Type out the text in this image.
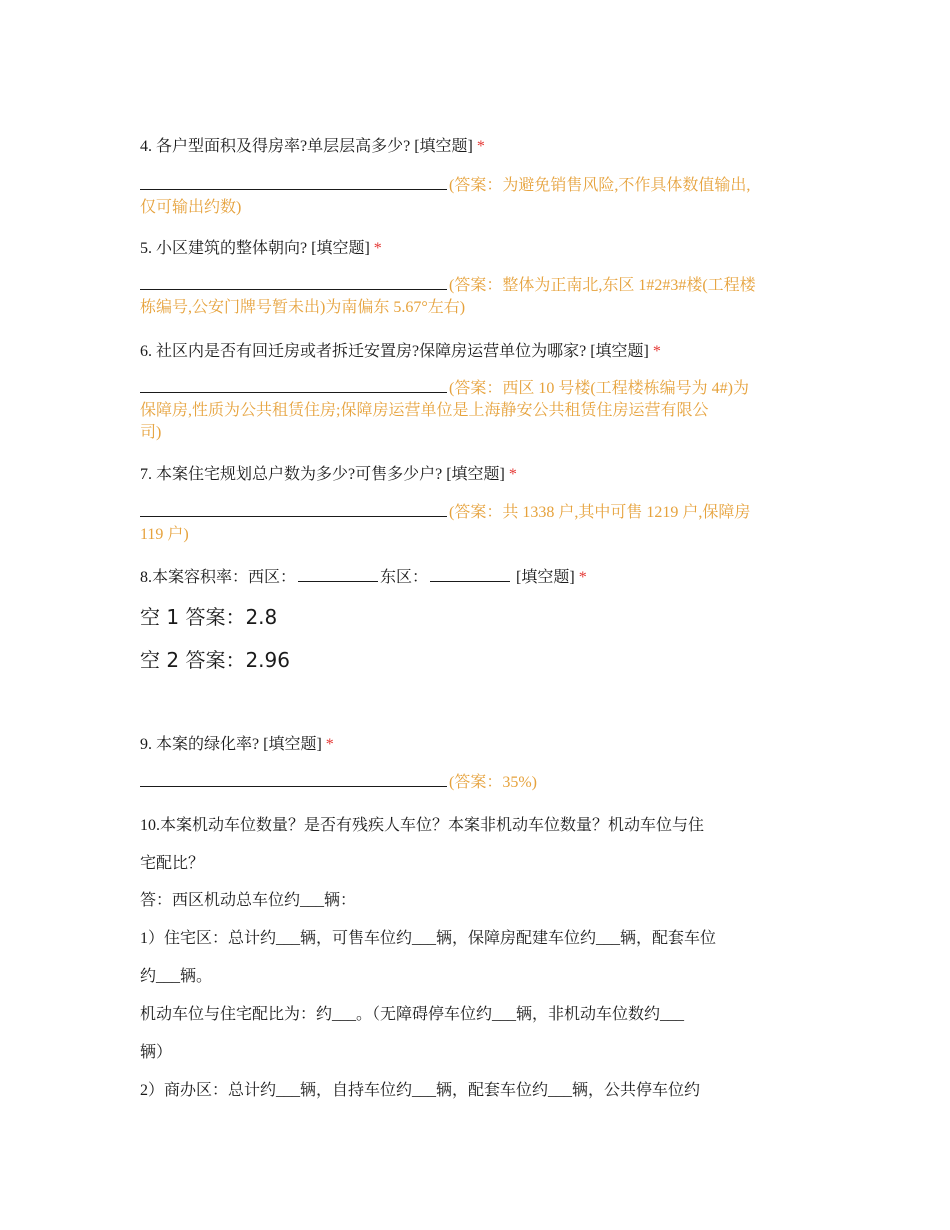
4. 各户型面积及得房率?单层层高多少? [填空题] *
(答案：为避免销售风险,不作具体数值输出,
仅可输出约数)
5. 小区建筑的整体朝向? [填空题] *
(答案：整体为正南北,东区 1#2#3#楼(工程楼
栋编号,公安门牌号暂未出)为南偏东 5.67°左右)
6. 社区内是否有回迁房或者拆迁安置房?保障房运营单位为哪家? [填空题] *
(答案：西区 10 号楼(工程楼栋编号为 4#)为
保障房,性质为公共租赁住房;保障房运营单位是上海静安公共租赁住房运营有限公
司)
7. 本案住宅规划总户数为多少?可售多少户? [填空题] *
(答案：共 1338 户,其中可售 1219 户,保障房
119 户)
8.本案容积率：西区：	东区：	[填空题] *
空 1 答案：2.8
空 2 答案：2.96
9. 本案的绿化率? [填空题] *
(答案：35%)
10.本案机动车位数量？是否有残疾人车位？本案非机动车位数量？机动车位与住
宅配比？
答：西区机动总车位约___辆：
1）住宅区：总计约___辆，可售车位约___辆，保障房配建车位约___辆，配套车位
约___辆。
机动车位与住宅配比为：约___。（无障碍停车位约___辆，非机动车位数约___
辆）
2）商办区：总计约___辆，自持车位约___辆，配套车位约___辆，公共停车位约
